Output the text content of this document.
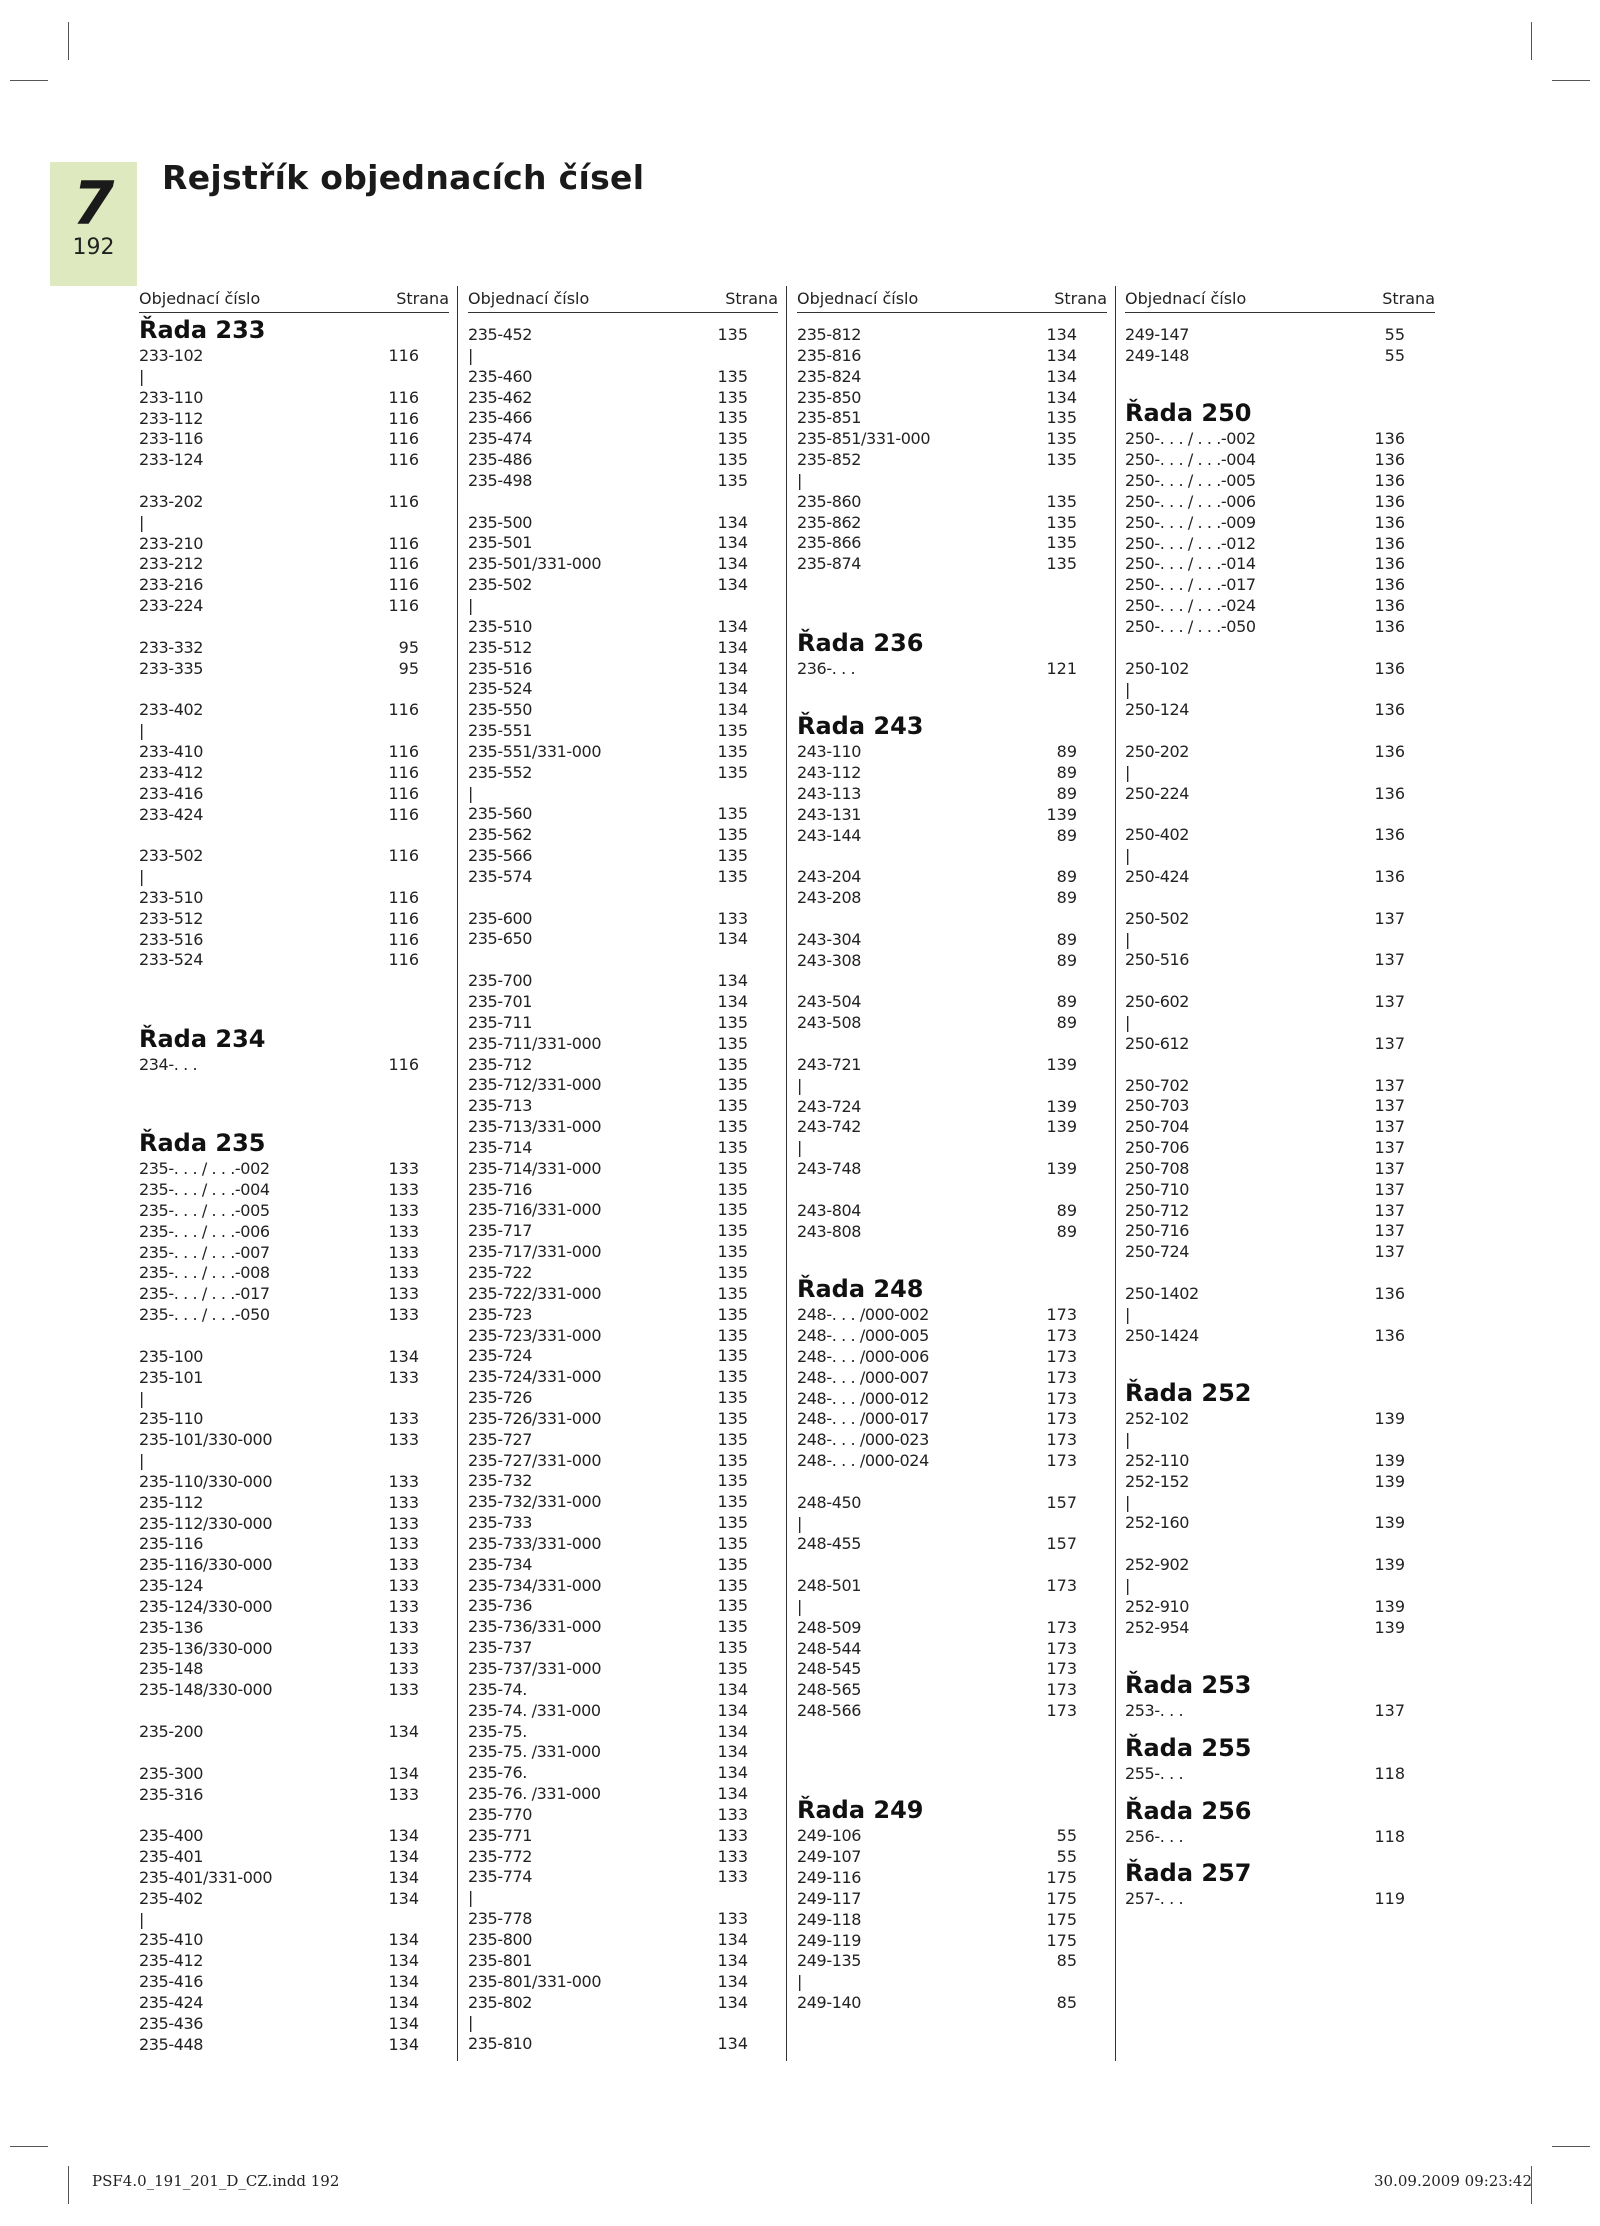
7
192
Rejstřík objednacích čísel
Objednací číslo	Strana
Řada 233
233-102	116
|
233-110	116
233-112	116
233-116	116
233-124	116
233-202	116
|
233-210	116
233-212	116
233-216	116
233-224	116
233-332	95
233-335	95
233-402	116
|
233-410	116
233-412	116
233-416	116
233-424	116
233-502	116
|
233-510	116
233-512	116
233-516	116
233-524	116
Řada 234
234-. . .	116
Řada 235
235-. . . / . . .-002	133
235-. . . / . . .-004	133
235-. . . / . . .-005	133
235-. . . / . . .-006	133
235-. . . / . . .-007	133
235-. . . / . . .-008	133
235-. . . / . . .-017	133
235-. . . / . . .-050	133
235-100	134
235-101	133
|
235-110	133
235-101/330-000	133
|
235-110/330-000	133
235-112	133
235-112/330-000	133
235-116	133
235-116/330-000	133
235-124	133
235-124/330-000	133
235-136	133
235-136/330-000	133
235-148	133
235-148/330-000	133
235-200	134
235-300	134
235-316	133
235-400	134
235-401	134
235-401/331-000	134
235-402	134
|
235-410	134
235-412	134
235-416	134
235-424	134
235-436	134
235-448	134
Objednací číslo	Strana
235-452	135
|
235-460	135
235-462	135
235-466	135
235-474	135
235-486	135
235-498	135
235-500	134
235-501	134
235-501/331-000	134
235-502	134
|
235-510	134
235-512	134
235-516	134
235-524	134
235-550	134
235-551	135
235-551/331-000	135
235-552	135
|
235-560	135
235-562	135
235-566	135
235-574	135
235-600	133
235-650	134
235-700	134
235-701	134
235-711	135
235-711/331-000	135
235-712	135
235-712/331-000	135
235-713	135
235-713/331-000	135
235-714	135
235-714/331-000	135
235-716	135
235-716/331-000	135
235-717	135
235-717/331-000	135
235-722	135
235-722/331-000	135
235-723	135
235-723/331-000	135
235-724	135
235-724/331-000	135
235-726	135
235-726/331-000	135
235-727	135
235-727/331-000	135
235-732	135
235-732/331-000	135
235-733	135
235-733/331-000	135
235-734	135
235-734/331-000	135
235-736	135
235-736/331-000	135
235-737	135
235-737/331-000	135
235-74.	134
235-74. /331-000	134
235-75.	134
235-75. /331-000	134
235-76.	134
235-76. /331-000	134
235-770	133
235-771	133
235-772	133
235-774	133
|
235-778	133
235-800	134
235-801	134
235-801/331-000	134
235-802	134
|
235-810	134
Objednací číslo	Strana
235-812	134
235-816	134
235-824	134
235-850	134
235-851	135
235-851/331-000	135
235-852	135
|
235-860	135
235-862	135
235-866	135
235-874	135
Řada 236
236-. . .	121
Řada 243
243-110	89
243-112	89
243-113	89
243-131	139
243-144	89
243-204	89
243-208	89
243-304	89
243-308	89
243-504	89
243-508	89
243-721	139
|
243-724	139
243-742	139
|
243-748	139
243-804	89
243-808	89
Řada 248
248-. . . /000-002	173
248-. . . /000-005	173
248-. . . /000-006	173
248-. . . /000-007	173
248-. . . /000-012	173
248-. . . /000-017	173
248-. . . /000-023	173
248-. . . /000-024	173
248-450	157
|
248-455	157
248-501	173
|
248-509	173
248-544	173
248-545	173
248-565	173
248-566	173
Řada 249
249-106	55
249-107	55
249-116	175
249-117	175
249-118	175
249-119	175
249-135	85
|
249-140	85
Objednací číslo	Strana
249-147	55
249-148	55
Řada 250
250-. . . / . . .-002	136
250-. . . / . . .-004	136
250-. . . / . . .-005	136
250-. . . / . . .-006	136
250-. . . / . . .-009	136
250-. . . / . . .-012	136
250-. . . / . . .-014	136
250-. . . / . . .-017	136
250-. . . / . . .-024	136
250-. . . / . . .-050	136
250-102	136
|
250-124	136
250-202	136
|
250-224	136
250-402	136
|
250-424	136
250-502	137
|
250-516	137
250-602	137
|
250-612	137
250-702	137
250-703	137
250-704	137
250-706	137
250-708	137
250-710	137
250-712	137
250-716	137
250-724	137
250-1402	136
|
250-1424	136
Řada 252
252-102	139
|
252-110	139
252-152	139
|
252-160	139
252-902	139
|
252-910	139
252-954	139
Řada 253
253-. . .	137
Řada 255
255-. . .	118
Řada 256
256-. . .	118
Řada 257
257-. . .	119
PSF4.0_191_201_D_CZ.indd 192	30.09.2009 09:23:42
